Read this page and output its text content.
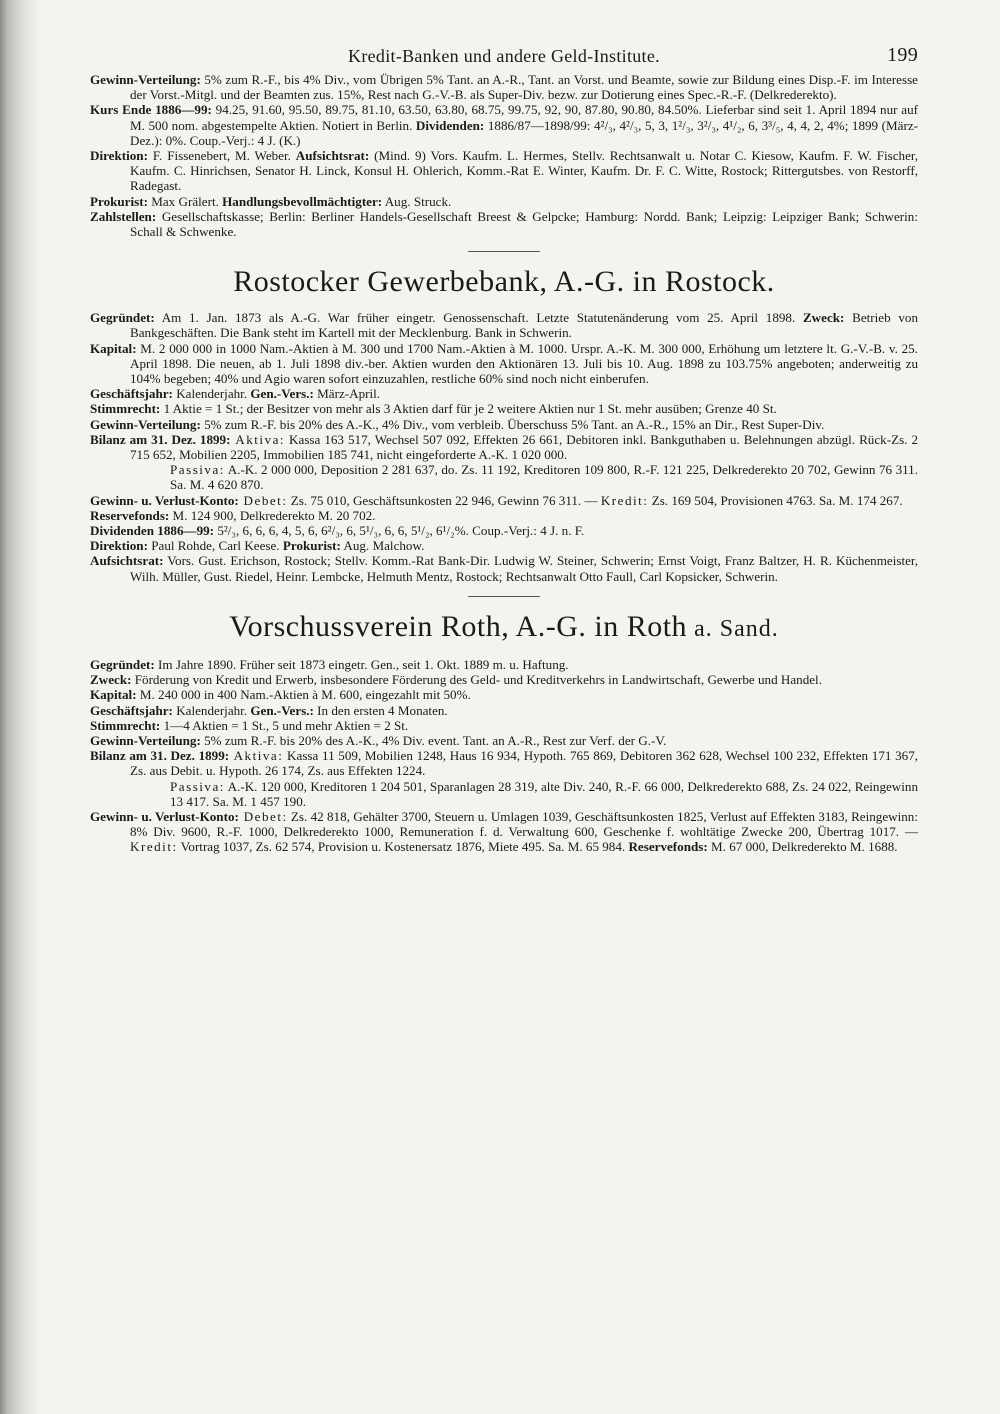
Kredit-Banken und andere Geld-Institute.	199

Gewinn-Verteilung: 5% zum R.-F., bis 4% Div., vom Übrigen 5% Tant. an A.-R., Tant. an Vorst. und Beamte, sowie zur Bildung eines Disp.-F. im Interesse der Vorst.-Mitgl. und der Beamten zus. 15%, Rest nach G.-V.-B. als Super-Div. bezw. zur Dotierung eines Spec.-R.-F. (Delkrederekto).

Kurs Ende 1886—99: 94.25, 91.60, 95.50, 89.75, 81.10, 63.50, 63.80, 68.75, 99.75, 92, 90, 87.80, 90.80, 84.50%. Lieferbar sind seit 1. April 1894 nur auf M. 500 nom. abgestempelte Aktien. Notiert in Berlin. Dividenden: 1886/87—1898/99: 4²/₃, 4²/₃, 5, 3, 1²/₃, 3²/₃, 4¹/₂, 6, 3³/₅, 4, 4, 2, 4%; 1899 (März-Dez.): 0%. Coup.-Verj.: 4 J. (K.)

Direktion: F. Fissenebert, M. Weber. Aufsichtsrat: (Mind. 9) Vors. Kaufm. L. Hermes, Stellv. Rechtsanwalt u. Notar C. Kiesow, Kaufm. F. W. Fischer, Kaufm. C. Hinrichsen, Senator H. Linck, Konsul H. Ohlerich, Komm.-Rat E. Winter, Kaufm. Dr. F. C. Witte, Rostock; Rittergutsbes. von Restorff, Radegast.

Prokurist: Max Grälert. Handlungsbevollmächtigter: Aug. Struck.

Zahlstellen: Gesellschaftskasse; Berlin: Berliner Handels-Gesellschaft Breest & Gelpcke; Hamburg: Nordd. Bank; Leipzig: Leipziger Bank; Schwerin: Schall & Schwenke.

Rostocker Gewerbebank, A.-G. in Rostock.

Gegründet: Am 1. Jan. 1873 als A.-G. War früher eingetr. Genossenschaft. Letzte Statutenänderung vom 25. April 1898. Zweck: Betrieb von Bankgeschäften. Die Bank steht im Kartell mit der Mecklenburg. Bank in Schwerin.

Kapital: M. 2 000 000 in 1000 Nam.-Aktien à M. 300 und 1700 Nam.-Aktien à M. 1000. Urspr. A.-K. M. 300 000, Erhöhung um letztere lt. G.-V.-B. v. 25. April 1898. Die neuen, ab 1. Juli 1898 div.-ber. Aktien wurden den Aktionären 13. Juli bis 10. Aug. 1898 zu 103.75% angeboten; anderweitig zu 104% begeben; 40% und Agio waren sofort einzuzahlen, restliche 60% sind noch nicht einberufen.

Geschäftsjahr: Kalenderjahr. Gen.-Vers.: März-April.

Stimmrecht: 1 Aktie = 1 St.; der Besitzer von mehr als 3 Aktien darf für je 2 weitere Aktien nur 1 St. mehr ausüben; Grenze 40 St.

Gewinn-Verteilung: 5% zum R.-F. bis 20% des A.-K., 4% Div., vom verbleib. Überschuss 5% Tant. an A.-R., 15% an Dir., Rest Super-Div.

Bilanz am 31. Dez. 1899: Aktiva: Kassa 163 517, Wechsel 507 092, Effekten 26 661, Debitoren inkl. Bankguthaben u. Belehnungen abzügl. Rück-Zs. 2 715 652, Mobilien 2205, Immobilien 185 741, nicht eingeforderte A.-K. 1 020 000.
Passiva: A.-K. 2 000 000, Deposition 2 281 637, do. Zs. 11 192, Kreditoren 109 800, R.-F. 121 225, Delkrederekto 20 702, Gewinn 76 311. Sa. M. 4 620 870.

Gewinn- u. Verlust-Konto: Debet: Zs. 75 010, Geschäftsunkosten 22 946, Gewinn 76 311. — Kredit: Zs. 169 504, Provisionen 4763. Sa. M. 174 267.

Reservefonds: M. 124 900, Delkrederekto M. 20 702.

Dividenden 1886—99: 5²/₃, 6, 6, 6, 4, 5, 6, 6²/₃, 6, 5¹/₃, 6, 6, 5¹/₂, 6¹/₂%. Coup.-Verj.: 4 J. n. F.

Direktion: Paul Rohde, Carl Keese. Prokurist: Aug. Malchow.

Aufsichtsrat: Vors. Gust. Erichson, Rostock; Stellv. Komm.-Rat Bank-Dir. Ludwig W. Steiner, Schwerin; Ernst Voigt, Franz Baltzer, H. R. Küchenmeister, Wilh. Müller, Gust. Riedel, Heinr. Lembcke, Helmuth Mentz, Rostock; Rechtsanwalt Otto Faull, Carl Kopsicker, Schwerin.

Vorschussverein Roth, A.-G. in Roth a. Sand.

Gegründet: Im Jahre 1890. Früher seit 1873 eingetr. Gen., seit 1. Okt. 1889 m. u. Haftung.

Zweck: Förderung von Kredit und Erwerb, insbesondere Förderung des Geld- und Kreditverkehrs in Landwirtschaft, Gewerbe und Handel.

Kapital: M. 240 000 in 400 Nam.-Aktien à M. 600, eingezahlt mit 50%.

Geschäftsjahr: Kalenderjahr. Gen.-Vers.: In den ersten 4 Monaten.

Stimmrecht: 1—4 Aktien = 1 St., 5 und mehr Aktien = 2 St.

Gewinn-Verteilung: 5% zum R.-F. bis 20% des A.-K., 4% Div. event. Tant. an A.-R., Rest zur Verf. der G.-V.

Bilanz am 31. Dez. 1899: Aktiva: Kassa 11 509, Mobilien 1248, Haus 16 934, Hypoth. 765 869, Debitoren 362 628, Wechsel 100 232, Effekten 171 367, Zs. aus Debit. u. Hypoth. 26 174, Zs. aus Effekten 1224.
Passiva: A.-K. 120 000, Kreditoren 1 204 501, Sparanlagen 28 319, alte Div. 240, R.-F. 66 000, Delkrederekto 688, Zs. 24 022, Reingewinn 13 417. Sa. M. 1 457 190.

Gewinn- u. Verlust-Konto: Debet: Zs. 42 818, Gehälter 3700, Steuern u. Umlagen 1039, Geschäftsunkosten 1825, Verlust auf Effekten 3183, Reingewinn: 8% Div. 9600, R.-F. 1000, Delkrederekto 1000, Remuneration f. d. Verwaltung 600, Geschenke f. wohltätige Zwecke 200, Übertrag 1017. — Kredit: Vortrag 1037, Zs. 62 574, Provision u. Kostenersatz 1876, Miete 495. Sa. M. 65 984. Reservefonds: M. 67 000, Delkrederekto M. 1688.
